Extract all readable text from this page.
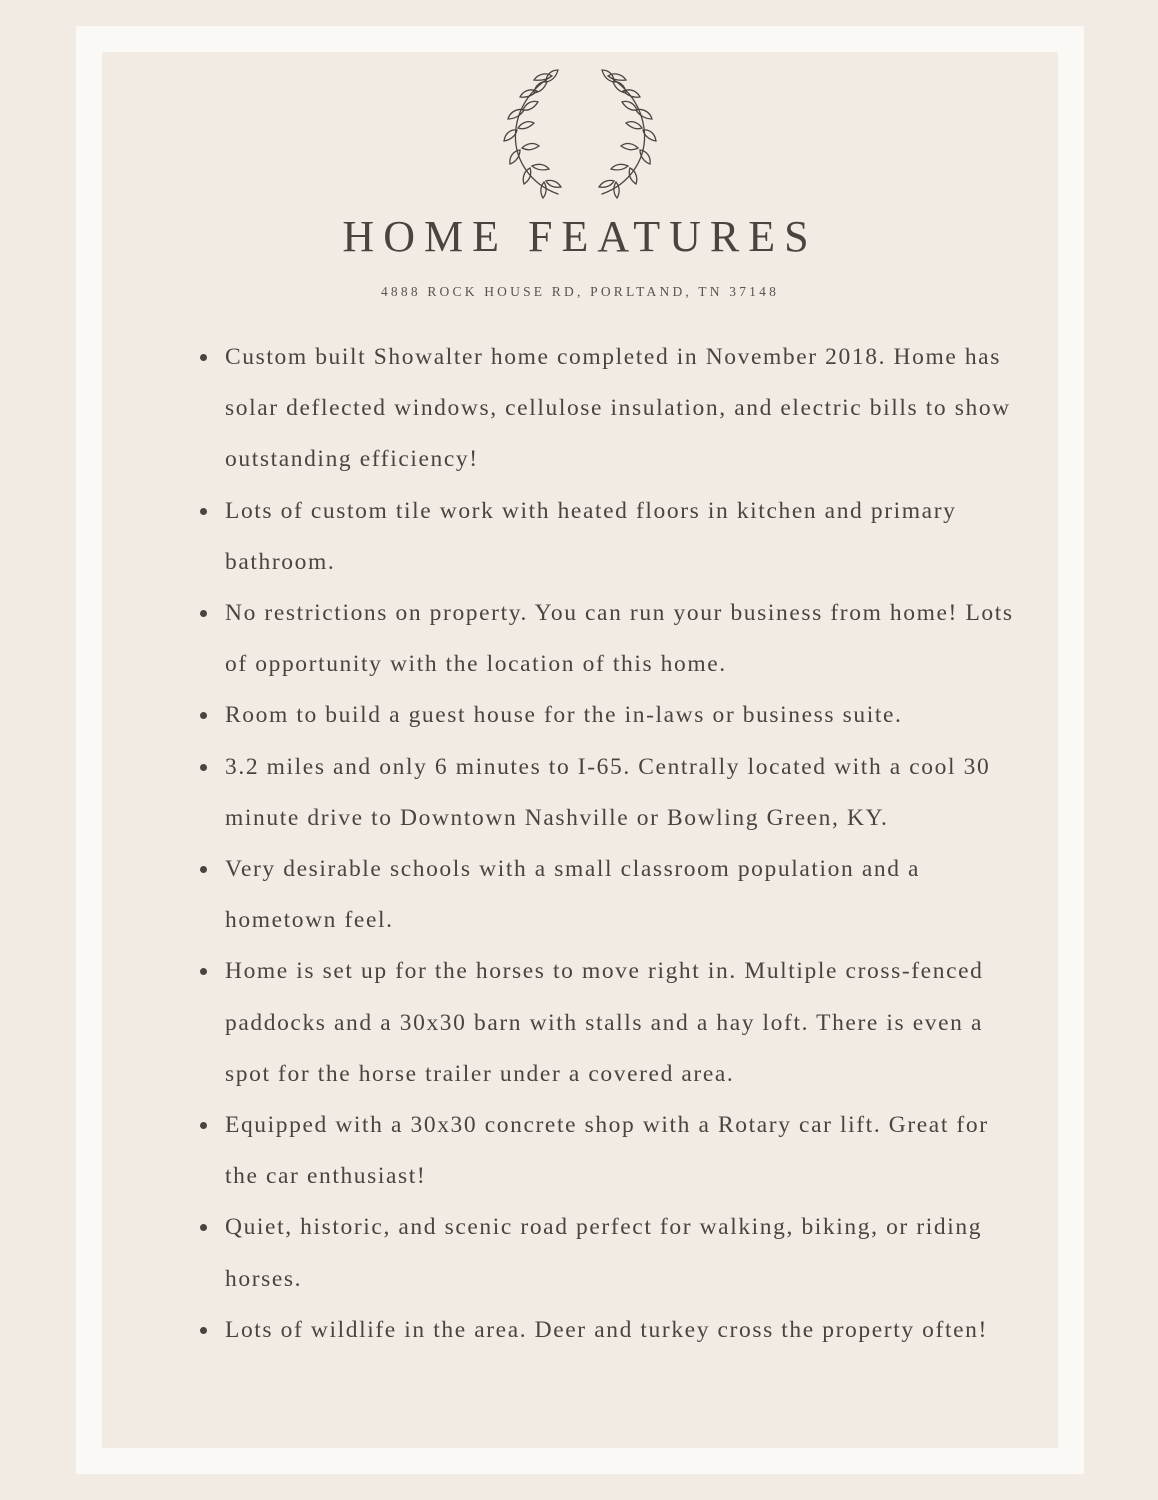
HOME FEATURES
4888 ROCK HOUSE RD, PORLTAND, TN 37148
Custom built Showalter home completed in November 2018. Home has solar deflected windows, cellulose insulation, and electric bills to show outstanding efficiency!
Lots of custom tile work with heated floors in kitchen and primary bathroom.
No restrictions on property. You can run your business from home! Lots of opportunity with the location of this home.
Room to build a guest house for the in-laws or business suite.
3.2 miles and only 6 minutes to I-65. Centrally located with a cool 30 minute drive to Downtown Nashville or Bowling Green, KY.
Very desirable schools with a small classroom population and a hometown feel.
Home is set up for the horses to move right in. Multiple cross-fenced paddocks and a 30x30 barn with stalls and a hay loft. There is even a spot for the horse trailer under a covered area.
Equipped with a 30x30 concrete shop with a Rotary car lift. Great for the car enthusiast!
Quiet, historic, and scenic road perfect for walking, biking, or riding horses.
Lots of wildlife in the area. Deer and turkey cross the property often!
